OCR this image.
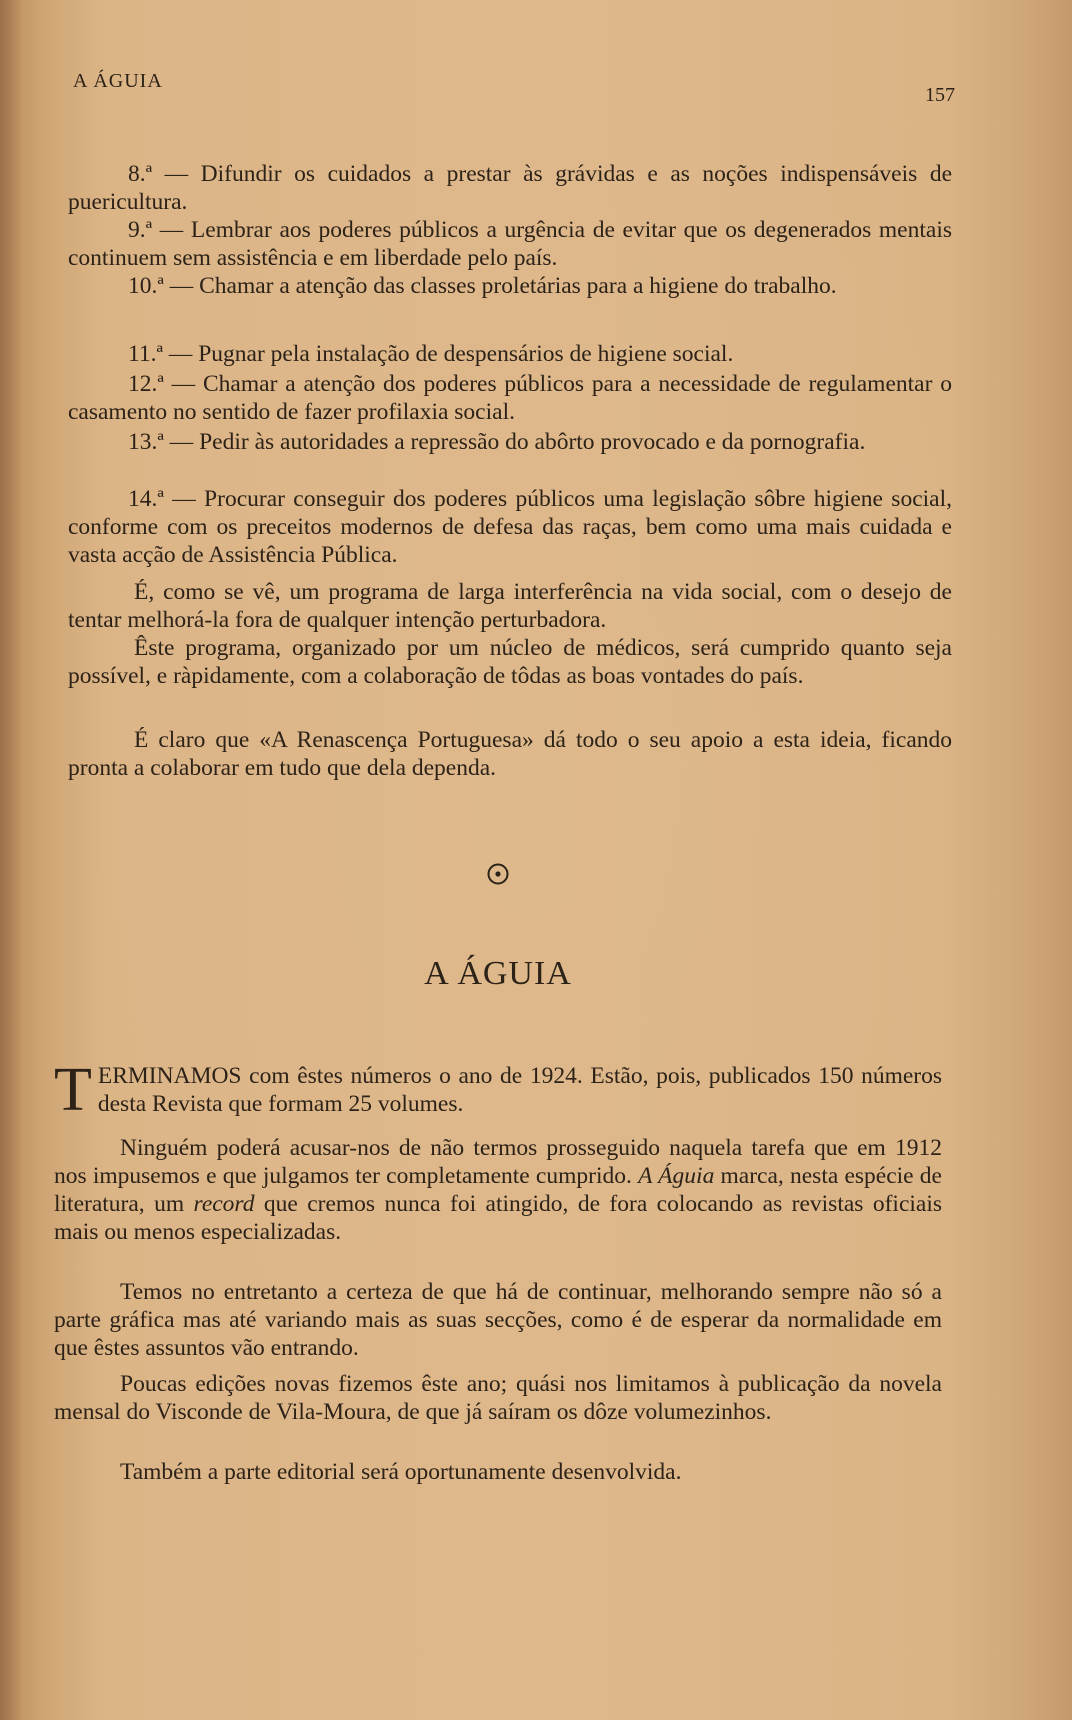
A ÁGUIA
157

8.ª — Difundir os cuidados a prestar às grávidas e as noções indispensáveis de puericultura.

9.ª — Lembrar aos poderes públicos a urgência de evitar que os degenerados mentais continuem sem assistência e em liberdade pelo país.

10.ª — Chamar a atenção das classes proletárias para a higiene do trabalho.

11.ª — Pugnar pela instalação de despensários de higiene social.

12.ª — Chamar a atenção dos poderes públicos para a necessidade de regulamentar o casamento no sentido de fazer profilaxia social.

13.ª — Pedir às autoridades a repressão do abôrto provocado e da pornografia.

14.ª — Procurar conseguir dos poderes públicos uma legislação sôbre higiene social, conforme com os preceitos modernos de defesa das raças, bem como uma mais cuidada e vasta acção de Assistência Pública.

É, como se vê, um programa de larga interferência na vida social, com o desejo de tentar melhorá-la fora de qualquer intenção perturbadora.

Êste programa, organizado por um núcleo de médicos, será cumprido quanto seja possível, e ràpidamente, com a colaboração de tôdas as boas vontades do país.

É claro que «A Renascença Portuguesa» dá todo o seu apoio a esta ideia, ficando pronta a colaborar em tudo que dela dependa.

A ÁGUIA
T ERMINAMOS com êstes números o ano de 1924. Estão, pois, publicados 150 números desta Revista que formam 25 volumes.

Ninguém poderá acusar-nos de não termos prosseguido naquela tarefa que em 1912 nos impusemos e que julgamos ter completamente cumprido. A Águia marca, nesta espécie de literatura, um record que cremos nunca foi atingido, de fora colocando as revistas oficiais mais ou menos especializadas.

Temos no entretanto a certeza de que há de continuar, melhorando sempre não só a parte gráfica mas até variando mais as suas secções, como é de esperar da normalidade em que êstes assuntos vão entrando.

Poucas edições novas fizemos êste ano; quási nos limitamos à publicação da novela mensal do Visconde de Vila-Moura, de que já saíram os dôze volumezinhos.

Também a parte editorial será oportunamente desenvolvida.
